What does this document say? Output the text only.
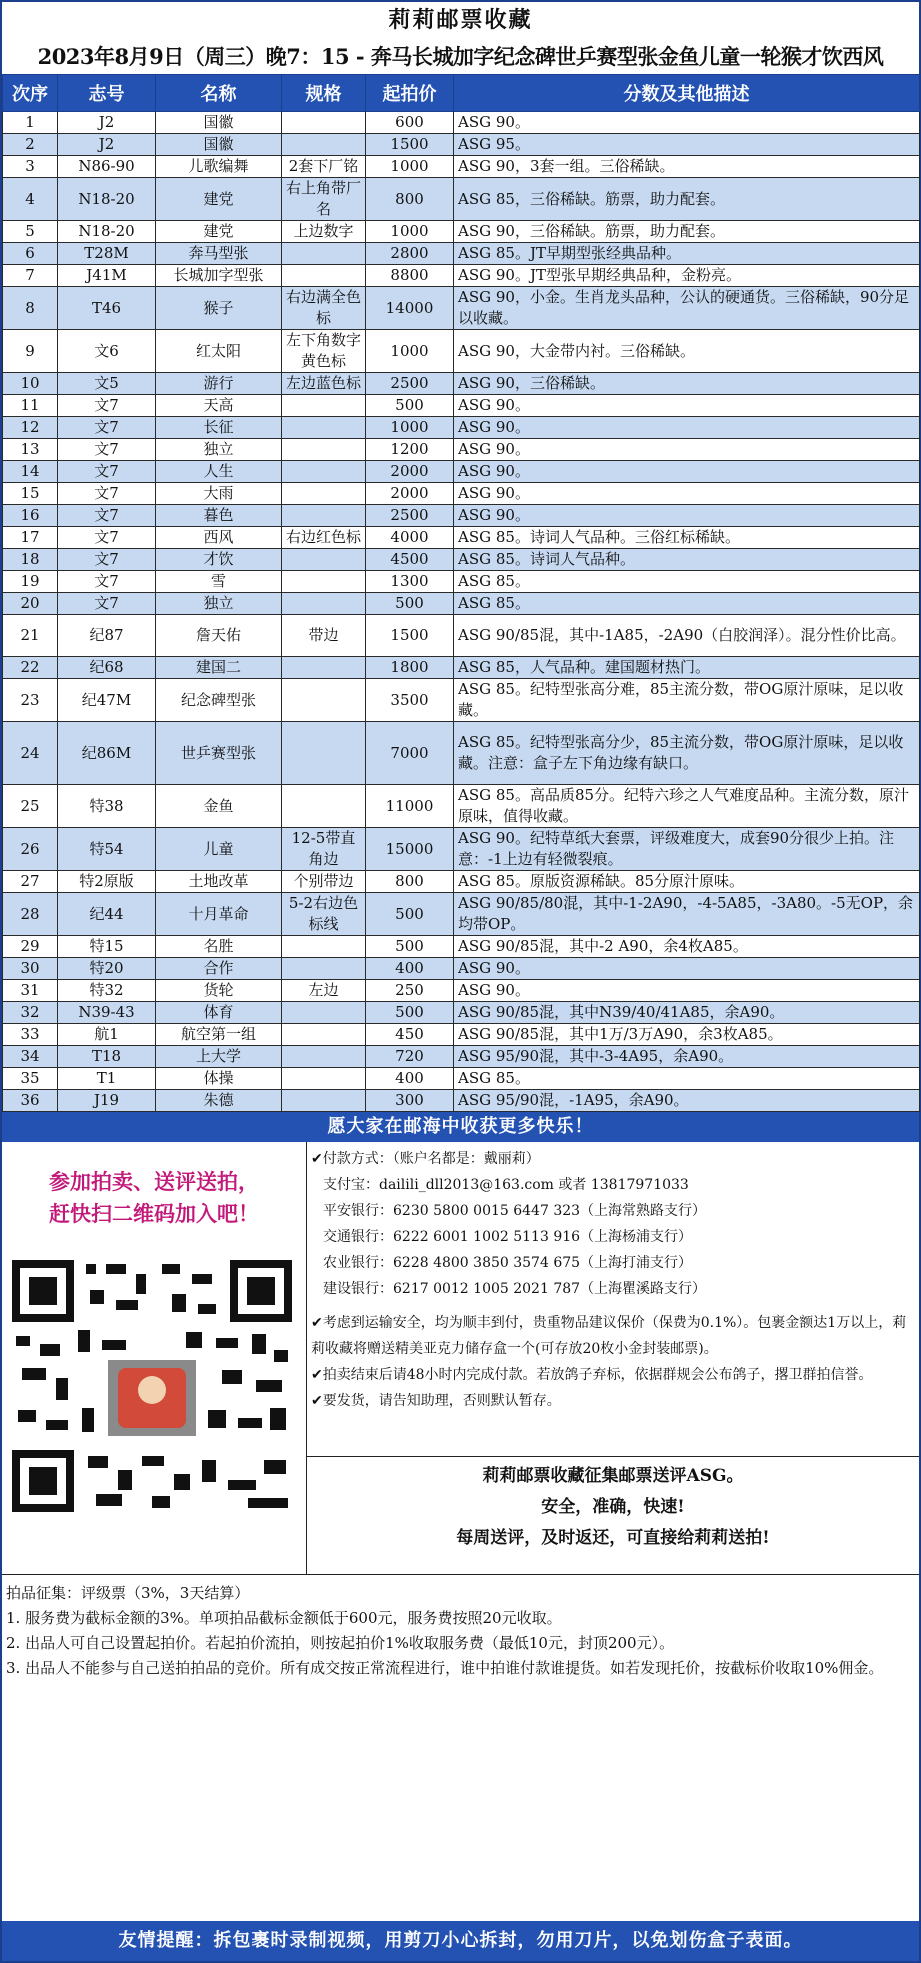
莉莉邮票收藏
2023年8月9日（周三）晚7：15 - 奔马长城加字纪念碑世乒赛型张金鱼儿童一轮猴才饮西风
次序	志号	名称	规格	起拍价	分数及其他描述
1	J2	国徽		600	ASG 90。
2	J2	国徽		1500	ASG 95。
3	N86-90	儿歌编舞	2套下厂铭	1000	ASG 90，3套一组。三俗稀缺。
4	N18-20	建党	右上角带厂名	800	ASG 85，三俗稀缺。筋票，助力配套。
5	N18-20	建党	上边数字	1000	ASG 90，三俗稀缺。筋票，助力配套。
6	T28M	奔马型张		2800	ASG 85。JT早期型张经典品种。
7	J41M	长城加字型张		8800	ASG 90。JT型张早期经典品种，金粉亮。
8	T46	猴子	右边满全色标	14000	ASG 90，小金。生肖龙头品种，公认的硬通货。三俗稀缺，90分足以收藏。
9	文6	红太阳	左下角数字黄色标	1000	ASG 90，大金带内衬。三俗稀缺。
10	文5	游行	左边蓝色标	2500	ASG 90，三俗稀缺。
11	文7	天高		500	ASG 90。
12	文7	长征		1000	ASG 90。
13	文7	独立		1200	ASG 90。
14	文7	人生		2000	ASG 90。
15	文7	大雨		2000	ASG 90。
16	文7	暮色		2500	ASG 90。
17	文7	西风	右边红色标	4000	ASG 85。诗词人气品种。三俗红标稀缺。
18	文7	才饮		4500	ASG 85。诗词人气品种。
19	文7	雪		1300	ASG 85。
20	文7	独立		500	ASG 85。
21	纪87	詹天佑	带边	1500	ASG 90/85混，其中-1A85，-2A90（白胶润泽）。混分性价比高。
22	纪68	建国二		1800	ASG 85，人气品种。建国题材热门。
23	纪47M	纪念碑型张		3500	ASG 85。纪特型张高分难，85主流分数，带OG原汁原味，足以收藏。
24	纪86M	世乒赛型张		7000	ASG 85。纪特型张高分少，85主流分数，带OG原汁原味，足以收藏。注意：盒子左下角边缘有缺口。
25	特38	金鱼		11000	ASG 85。高品质85分。纪特六珍之人气难度品种。主流分数，原汁原味，值得收藏。
26	特54	儿童	12-5带直角边	15000	ASG 90。纪特草纸大套票，评级难度大，成套90分很少上拍。注意：-1上边有轻微裂痕。
27	特2原版	土地改革	个别带边	800	ASG 85。原版资源稀缺。85分原汁原味。
28	纪44	十月革命	5-2右边色标线	500	ASG 90/85/80混，其中-1-2A90，-4-5A85，-3A80。-5无OP，余均带OP。
29	特15	名胜		500	ASG 90/85混，其中-2 A90，余4枚A85。
30	特20	合作		400	ASG 90。
31	特32	货轮	左边	250	ASG 90。
32	N39-43	体育		500	ASG 90/85混，其中N39/40/41A85，余A90。
33	航1	航空第一组		450	ASG 90/85混，其中1万/3万A90，余3枚A85。
34	T18	上大学		720	ASG 95/90混，其中-3-4A95，余A90。
35	T1	体操		400	ASG 85。
36	J19	朱德		300	ASG 95/90混，-1A95，余A90。
愿大家在邮海中收获更多快乐！
参加拍卖、送评送拍，
赶快扫二维码加入吧！
✔付款方式：（账户名都是：戴丽莉）
支付宝：dailili_dll2013@163.com 或者 13817971033
平安银行：6230 5800 0015 6447 323（上海常熟路支行）
交通银行：6222 6001 1002 5113 916（上海杨浦支行）
农业银行：6228 4800 3850 3574 675（上海打浦支行）
建设银行：6217 0012 1005 2021 787（上海瞿溪路支行）
✔考虑到运输安全，均为顺丰到付，贵重物品建议保价（保费为0.1%）。包裹金额达1万以上，莉莉收藏将赠送精美亚克力储存盒一个(可存放20枚小金封装邮票)。
✔拍卖结束后请48小时内完成付款。若放鸽子弃标，依据群规会公布鸽子，撂卫群拍信誉。
✔要发货，请告知助理，否则默认暂存。
莉莉邮票收藏征集邮票送评ASG。
安全，准确，快速!
每周送评，及时返还，可直接给莉莉送拍!
拍品征集：评级票（3%，3天结算）
1. 服务费为截标金额的3%。单项拍品截标金额低于600元，服务费按照20元收取。
2. 出品人可自己设置起拍价。若起拍价流拍，则按起拍价1%收取服务费（最低10元，封顶200元）。
3. 出品人不能参与自己送拍拍品的竞价。所有成交按正常流程进行，谁中拍谁付款谁提货。如若发现托价，按截标价收取10%佣金。
友情提醒：拆包裹时录制视频，用剪刀小心拆封，勿用刀片，以免划伤盒子表面。
